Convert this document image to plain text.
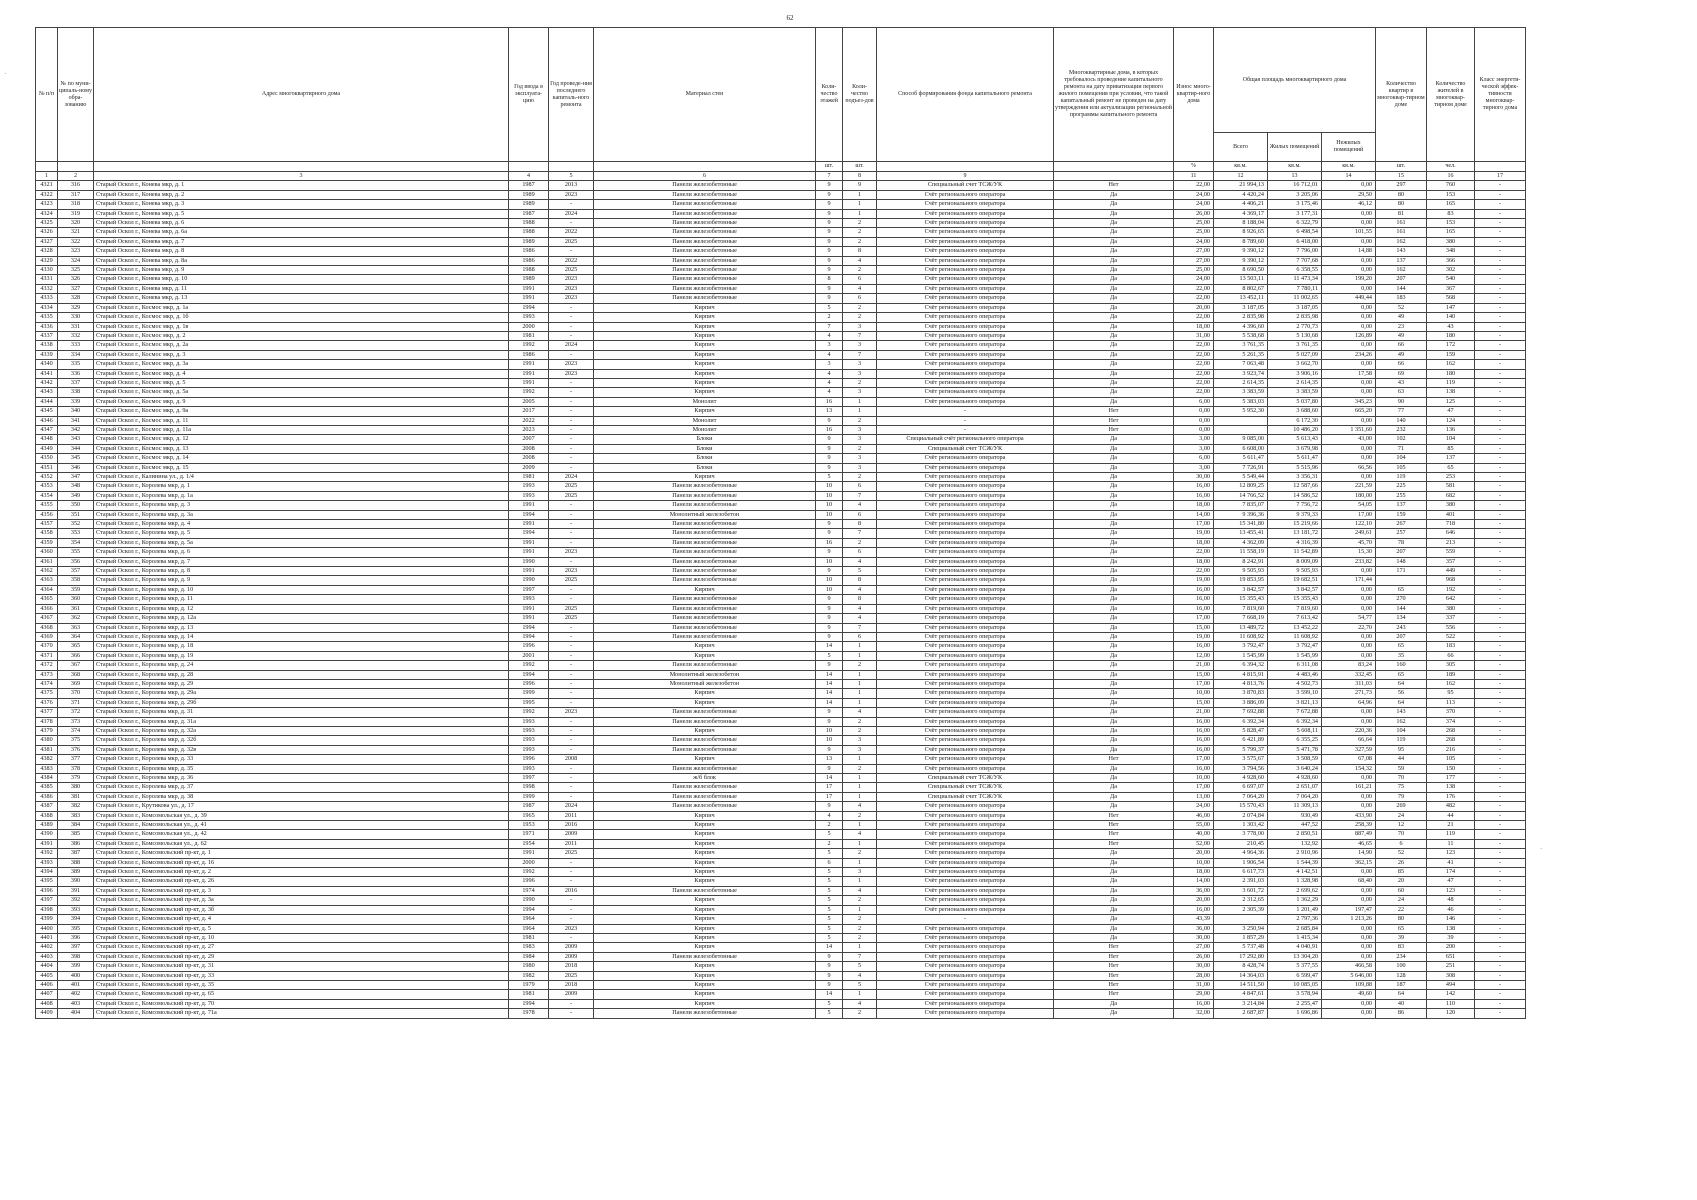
62
№ п/п	№ по муни-ципаль-ному обра-зованию	Адрес многоквартирного дома	Год ввода в эксплуата-цию	Год проведе-ния последнего капиталь-ного ремонта	Материал стен	Коли-чество этажей	Коли-чество подъез-дов	Способ формирования фонда капитального ремонта	Многоквартирные дома, в которых требовалось проведение капитального ремонта на дату приватизации первого жилого помещения при условии, что такой капитальный ремонт не проведен на дату утверждения или актуализации региональной программы капитального ремонта	Износ много-квартир-ного дома	Общая площадь многоквартирного дома			Количество квартир в многоквар-тирном доме	Количество жителей в многоквар-тирном доме	Класс энергети-ческой эффек-тивности многоквар-тирного дома
											Всего	Жилых помещений	Нежилых помещений			
						шт.	шт.			%	кв.м.	кв.м.	кв.м.	шт.	чел.	
1	2	3	4	5	6	7	8	9		11	12	13	14	15	16	17
4321	316	Старый Оскол г., Конева мкр, д. 1	1987	2013	Панели железобетонные	9	9	Специальный счет ТСЖ/УК	Нет	22,00	21 994,13	16 712,01	0,00	297	760	-
4322	317	Старый Оскол г., Конева мкр, д. 2	1989	2023	Панели железобетонные	9	1	Счёт регионального оператора	Да	24,00	4 420,24	3 205,06	29,50	80	153	-
4323	318	Старый Оскол г., Конева мкр, д. 3	1989	-	Панели железобетонные	9	1	Счёт регионального оператора	Да	24,00	4 406,21	3 175,46	46,12	80	165	-
4324	319	Старый Оскол г., Конева мкр, д. 5	1987	2024	Панели железобетонные	9	1	Счёт регионального оператора	Да	26,00	4 369,17	3 177,31	0,00	81	83	-
4325	320	Старый Оскол г., Конева мкр, д. 6	1988	-	Панели железобетонные	9	2	Счёт регионального оператора	Да	25,00	8 188,04	6 322,79	0,00	161	153	-
4326	321	Старый Оскол г., Конева мкр, д. 6а	1988	2022	Панели железобетонные	9	2	Счёт регионального оператора	Да	25,00	8 926,65	6 498,54	101,55	161	165	-
4327	322	Старый Оскол г., Конева мкр, д. 7	1989	2025	Панели железобетонные	9	2	Счёт регионального оператора	Да	24,00	8 789,60	6 418,00	0,00	162	380	-
4328	323	Старый Оскол г., Конева мкр, д. 8	1986	-	Панели железобетонные	9	8	Счёт регионального оператора	Да	27,00	9 390,12	7 796,00	14,88	143	348	-
4329	324	Старый Оскол г., Конева мкр, д. 8а	1986	2022	Панели железобетонные	9	4	Счёт регионального оператора	Да	27,00	9 390,12	7 707,68	0,00	137	366	-
4330	325	Старый Оскол г., Конева мкр, д. 9	1988	2025	Панели железобетонные	9	2	Счёт регионального оператора	Да	25,00	8 690,50	6 358,55	0,00	162	302	-
4331	326	Старый Оскол г., Конева мкр, д. 10	1989	2023	Панели железобетонные	8	6	Счёт регионального оператора	Да	24,00	13 503,11	11 473,34	199,20	207	540	-
4332	327	Старый Оскол г., Конева мкр, д. 11	1991	2023	Панели железобетонные	9	4	Счёт регионального оператора	Да	22,00	8 802,67	7 780,11	0,00	144	367	-
4333	328	Старый Оскол г., Конева мкр, д. 13	1991	2023	Панели железобетонные	9	6	Счёт регионального оператора	Да	22,00	13 452,11	11 002,65	449,44	183	568	-
4334	329	Старый Оскол г., Космос мкр, д. 1а	1994	-	Кирпич	5	2	Счёт регионального оператора	Да	20,00	3 187,05	3 187,05	0,00	52	147	-
4335	330	Старый Оскол г., Космос мкр, д. 1б	1993	-	Кирпич	2	2	Счёт регионального оператора	Да	22,00	2 835,98	2 835,98	0,00	49	140	-
4336	331	Старый Оскол г., Космос мкр, д. 1в	2000	-	Кирпич	7	3	Счёт регионального оператора	Да	18,00	4 396,60	2 770,73	0,00	23	43	-
4337	332	Старый Оскол г., Космос мкр, д. 2	1981	-	Кирпич	4	7	Счёт регионального оператора	Да	31,00	5 538,68	5 130,68	126,89	49	180	-
4338	333	Старый Оскол г., Космос мкр, д. 2а	1992	2024	Кирпич	3	3	Счёт регионального оператора	Да	22,00	3 761,35	3 761,35	0,00	66	172	-
4339	334	Старый Оскол г., Космос мкр, д. 3	1986	-	Кирпич	4	7	Счёт регионального оператора	Да	22,00	5 261,35	5 027,09	234,26	49	159	-
4340	335	Старый Оскол г., Космос мкр, д. 3а	1991	2023	Кирпич	3	3	Счёт регионального оператора	Да	22,00	7 063,48	3 662,70	0,00	66	162	-
4341	336	Старый Оскол г., Космос мкр, д. 4	1991	2023	Кирпич	4	3	Счёт регионального оператора	Да	22,00	3 923,74	3 906,16	17,58	69	180	-
4342	337	Старый Оскол г., Космос мкр, д. 5	1991	-	Кирпич	4	2	Счёт регионального оператора	Да	22,00	2 614,35	2 614,35	0,00	43	119	-
4343	338	Старый Оскол г., Космос мкр, д. 5а	1992	-	Кирпич	4	3	Счёт регионального оператора	Да	22,00	3 383,59	3 383,59	0,00	63	138	-
4344	339	Старый Оскол г., Космос мкр, д. 9	2005	-	Монолит	16	1	Счёт регионального оператора	Да	6,00	5 383,03	5 037,80	345,23	90	125	-
4345	340	Старый Оскол г., Космос мкр, д. 9а	2017	-	Кирпич	13	1	-	Нет	0,00	5 952,30	3 688,60	665,20	77	47	-
4346	341	Старый Оскол г., Космос мкр, д. 11	2022	-	Монолит	9	2	-	Нет	0,00		6 172,30	0,00	140	124	-
4347	342	Старый Оскол г., Космос мкр, д. 11а	2023	-	Монолит	16	3	-	Нет	0,00		10 486,20	1 351,60	232	136	-
4348	343	Старый Оскол г., Космос мкр, д. 12	2007	-	Блоки	9	3	Специальный счёт регионального оператора	Да	3,00	9 085,00	5 613,43	43,00	102	104	-
4349	344	Старый Оскол г., Космос мкр, д. 13	2008	-	Блоки	9	2	Специальный счет ТСЖ/УК	Да	3,00	6 608,00	3 679,98	0,00	71	85	-
4350	345	Старый Оскол г., Космос мкр, д. 14	2008	-	Блоки	9	3	Счёт регионального оператора	Да	6,00	5 611,47	5 611,47	0,00	104	137	-
4351	346	Старый Оскол г., Космос мкр, д. 15	2009	-	Блоки	9	3	Счёт регионального оператора	Да	3,00	7 726,91	5 515,96	66,56	105	65	-
4352	347	Старый Оскол г., Калинина ул., д. 1/4	1981	2024	Кирпич	5	2	Счёт регионального оператора	Да	30,00	5 549,44	3 356,31	0,00	119	253	-
4353	348	Старый Оскол г., Королева мкр, д. 1	1993	2025	Панели железобетонные	10	6	Счёт регионального оператора	Да	16,00	12 809,25	12 587,66	221,59	225	581	-
4354	349	Старый Оскол г., Королева мкр, д. 1а	1993	2025	Панели железобетонные	10	7	Счёт регионального оператора	Да	16,00	14 766,52	14 586,52	180,00	255	682	-
4355	350	Старый Оскол г., Королева мкр, д. 3	1991	-	Панели железобетонные	10	4	Счёт регионального оператора	Да	18,00	7 835,07	7 756,72	54,05	137	380	-
4356	351	Старый Оскол г., Королева мкр, д. 3а	1994	-	Монолитный железобетон	10	6	Счёт регионального оператора	Да	14,00	9 396,36	9 379,33	17,00	159	401	-
4357	352	Старый Оскол г., Королева мкр, д. 4	1991	-	Панели железобетонные	9	8	Счёт регионального оператора	Да	17,00	15 341,80	15 219,66	122,10	267	718	-
4358	353	Старый Оскол г., Королева мкр, д. 5	1994	-	Панели железобетонные	9	7	Счёт регионального оператора	Да	19,00	13 455,41	13 181,72	249,61	257	646	-
4359	354	Старый Оскол г., Королева мкр, д. 5а	1991	-	Панели железобетонные	16	2	Счёт регионального оператора	Да	18,00	4 362,09	4 316,39	45,70	78	213	-
4360	355	Старый Оскол г., Королева мкр, д. 6	1991	2023	Панели железобетонные	9	6	Счёт регионального оператора	Да	22,00	11 558,19	11 542,89	15,30	207	559	-
4361	356	Старый Оскол г., Королева мкр, д. 7	1990	-	Панели железобетонные	10	4	Счёт регионального оператора	Да	18,00	8 242,91	8 009,09	233,82	148	357	-
4362	357	Старый Оскол г., Королева мкр, д. 8	1991	2023	Панели железобетонные	9	5	Счёт регионального оператора	Да	22,00	9 505,93	9 505,93	0,00	171	449	-
4363	358	Старый Оскол г., Королева мкр, д. 9	1990	2025	Панели железобетонные	10	8	Счёт регионального оператора	Да	19,00	19 853,95	19 682,51	171,44		968	-
4364	359	Старый Оскол г., Королева мкр, д. 10	1997	-	Кирпич	10	4	Счёт регионального оператора	Да	16,00	3 842,57	3 842,57	0,00	65	192	-
4365	360	Старый Оскол г., Королева мкр, д. 11	1993	-	Панели железобетонные	9	8	Счёт регионального оператора	Да	16,00	15 355,43	15 355,43	0,00	270	642	-
4366	361	Старый Оскол г., Королева мкр, д. 12	1991	2025	Панели железобетонные	9	4	Счёт регионального оператора	Да	16,00	7 819,60	7 819,60	0,00	144	380	-
4367	362	Старый Оскол г., Королева мкр, д. 12а	1991	2025	Панели железобетонные	9	4	Счёт регионального оператора	Да	17,00	7 668,19	7 613,42	54,77	134	337	-
4368	363	Старый Оскол г., Королева мкр, д. 13	1994	-	Панели железобетонные	9	7	Счёт регионального оператора	Да	15,00	13 489,72	13 452,22	22,70	243	556	-
4369	364	Старый Оскол г., Королева мкр, д. 14	1994	-	Панели железобетонные	9	6	Счёт регионального оператора	Да	19,00	11 608,92	11 608,92	0,00	207	522	-
4370	365	Старый Оскол г., Королева мкр, д. 18	1996	-	Кирпич	14	1	Счёт регионального оператора	Да	16,00	3 792,47	3 792,47	0,00	65	183	-
4371	366	Старый Оскол г., Королева мкр, д. 19	2001	-	Кирпич	5	1	Счёт регионального оператора	Да	12,00	1 545,99	1 545,99	0,00	35	66	-
4372	367	Старый Оскол г., Королева мкр, д. 24	1992	-	Панели железобетонные	9	2	Счёт регионального оператора	Да	21,00	6 394,32	6 311,08	83,24	160	305	-
4373	368	Старый Оскол г., Королева мкр, д. 28	1994	-	Монолитный железобетон	14	1	Счёт регионального оператора	Да	15,00	4 815,91	4 483,46	332,45	65	189	-
4374	369	Старый Оскол г., Королева мкр, д. 29	1996	-	Монолитный железобетон	14	1	Счёт регионального оператора	Да	17,00	4 813,76	4 502,73	311,03	64	162	-
4375	370	Старый Оскол г., Королева мкр, д. 29а	1999	-	Кирпич	14	1	Счёт регионального оператора	Да	10,00	3 870,83	3 599,10	271,73	56	95	-
4376	371	Старый Оскол г., Королева мкр, д. 29б	1995	-	Кирпич	14	1	Счёт регионального оператора	Да	15,00	3 886,09	3 821,13	64,96	64	113	-
4377	372	Старый Оскол г., Королева мкр, д. 31	1992	2023	Панели железобетонные	9	4	Счёт регионального оператора	Да	21,00	7 692,88	7 672,88	0,00	143	370	-
4378	373	Старый Оскол г., Королева мкр, д. 31а	1993	-	Панели железобетонные	9	2	Счёт регионального оператора	Да	16,00	6 392,34	6 392,34	0,00	162	374	-
4379	374	Старый Оскол г., Королева мкр, д. 32а	1993	-	Кирпич	10	2	Счёт регионального оператора	Да	16,00	5 828,47	5 608,11	220,36	104	268	-
4380	375	Старый Оскол г., Королева мкр, д. 32б	1993	-	Панели железобетонные	10	3	Счёт регионального оператора	Да	16,00	6 421,89	6 355,25	66,64	119	268	-
4381	376	Старый Оскол г., Королева мкр, д. 32в	1993	-	Панели железобетонные	9	3	Счёт регионального оператора	Да	16,00	5 799,37	5 471,78	327,59	95	216	-
4382	377	Старый Оскол г., Королева мкр, д. 33	1996	2008	Кирпич	13	1	Счёт регионального оператора	Нет	17,00	3 575,67	3 508,59	67,08	44	105	-
4383	378	Старый Оскол г., Королева мкр, д. 35	1993	-	Панели железобетонные	9	2	Счёт регионального оператора	Да	16,00	3 794,56	3 640,24	154,32	59	150	-
4384	379	Старый Оскол г., Королева мкр, д. 36	1997	-	ж/б блок	14	1	Специальный счет ТСЖ/УК	Да	10,00	4 928,60	4 928,60	0,00	70	177	-
4385	380	Старый Оскол г., Королева мкр, д. 37	1998	-	Панели железобетонные	17	1	Специальный счет ТСЖ/УК	Да	17,00	6 697,07	2 651,07	161,21	75	138	-
4386	381	Старый Оскол г., Королева мкр, д. 38	1999	-	Панели железобетонные	17	1	Специальный счет ТСЖ/УК	Да	13,00	7 064,20	7 064,20	0,00	79	176	-
4387	382	Старый Оскол г., Крутикова ул., д. 17	1987	2024	Панели железобетонные	9	4	Счёт регионального оператора	Да	24,00	15 570,43	11 309,13	0,00	269	482	-
4388	383	Старый Оскол г., Комсомольская ул., д. 39	1965	2011	Кирпич	4	2	Счёт регионального оператора	Нет	46,00	2 074,84	930,49	433,90	24	44	-
4389	384	Старый Оскол г., Комсомольская ул., д. 41	1953	2016	Кирпич	2	1	Счёт регионального оператора	Нет	55,00	1 303,42	447,52	258,39	12	21	-
4390	385	Старый Оскол г., Комсомольская ул., д. 42	1971	2009	Кирпич	5	4	Счёт регионального оператора	Нет	40,00	3 778,00	2 850,51	887,49	70	119	-
4391	386	Старый Оскол г., Комсомольская ул., д. 62	1954	2011	Кирпич	2	1	Счёт регионального оператора	Нет	52,00	210,45	132,92	46,65	6	11	-
4392	387	Старый Оскол г., Комсомольский пр-кт, д. 1	1991	2025	Кирпич	5	2	Счёт регионального оператора	Да	20,00	4 964,36	2 910,96	14,90	52	123	-
4393	388	Старый Оскол г., Комсомольский пр-кт, д. 16	2000	-	Кирпич	6	1	Счёт регионального оператора	Да	10,00	1 906,54	1 544,39	362,15	26	41	-
4394	389	Старый Оскол г., Комсомольский пр-кт, д. 2	1992	-	Кирпич	5	3	Счёт регионального оператора	Да	18,00	6 617,73	4 142,51	0,00	85	174	-
4395	390	Старый Оскол г., Комсомольский пр-кт, д. 26	1996	-	Кирпич	5	1	Счёт регионального оператора	Да	14,00	2 391,03	1 328,98	68,40	20	47	-
4396	391	Старый Оскол г., Комсомольский пр-кт, д. 3	1974	2016	Панели железобетонные	5	4	Счёт регионального оператора	Да	36,00	3 601,72	2 699,62	0,00	60	123	-
4397	392	Старый Оскол г., Комсомольский пр-кт, д. 3а	1990	-	Кирпич	5	2	Счёт регионального оператора	Да	20,00	2 312,65	1 362,29	0,00	24	48	-
4398	393	Старый Оскол г., Комсомольский пр-кт, д. 3б	1994	-	Кирпич	5	1	Счёт регионального оператора	Да	16,00	2 305,39	1 201,49	197,47	22	46	-
4399	394	Старый Оскол г., Комсомольский пр-кт, д. 4	1964	-	Кирпич	5	2	-	Да	43,39		2 797,36	1 213,26	80	146	-
4400	395	Старый Оскол г., Комсомольский пр-кт, д. 5	1964	2023	Кирпич	5	2	Счёт регионального оператора	Да	36,00	3 250,94	2 685,84	0,00	65	138	-
4401	396	Старый Оскол г., Комсомольский пр-кт, д. 10	1981	-	Кирпич	5	2	Счёт регионального оператора	Да	30,00	1 857,29	1 415,34	0,00	39	39	-
4402	397	Старый Оскол г., Комсомольский пр-кт, д. 27	1983	2009	Кирпич	14	1	Счёт регионального оператора	Нет	27,00	5 737,48	4 040,91	0,00	83	200	-
4403	398	Старый Оскол г., Комсомольский пр-кт, д. 29	1984	2009	Панели железобетонные	9	7	Счёт регионального оператора	Нет	26,00	17 292,80	13 304,20	0,00	234	651	-
4404	399	Старый Оскол г., Комсомольский пр-кт, д. 31	1980	2018	Кирпич	9	5	Счёт регионального оператора	Нет	30,00	8 428,74	5 377,55	466,58	100	251	-
4405	400	Старый Оскол г., Комсомольский пр-кт, д. 33	1982	2025	Кирпич	9	4	Счёт регионального оператора	Нет	28,00	14 364,03	6 599,47	5 646,00	128	308	-
4406	401	Старый Оскол г., Комсомольский пр-кт, д. 35	1979	2018	Кирпич	9	5	Счёт регионального оператора	Нет	31,00	14 511,50	10 085,05	109,88	187	494	-
4407	402	Старый Оскол г., Комсомольский пр-кт, д. 65	1981	2009	Кирпич	14	1	Счёт регионального оператора	Нет	29,00	4 847,61	3 578,94	49,60	64	142	-
4408	403	Старый Оскол г., Комсомольский пр-кт, д. 70	1994	-	Кирпич	5	4	Счёт регионального оператора	Да	16,00	3 214,84	2 255,47	0,00	40	110	-
4409	404	Старый Оскол г., Комсомольский пр-кт, д. 71а	1978	-	Панели железобетонные	5	2	Счёт регионального оператора	Да	32,00	2 687,87	1 696,86	0,00	86	120	-
·
·
